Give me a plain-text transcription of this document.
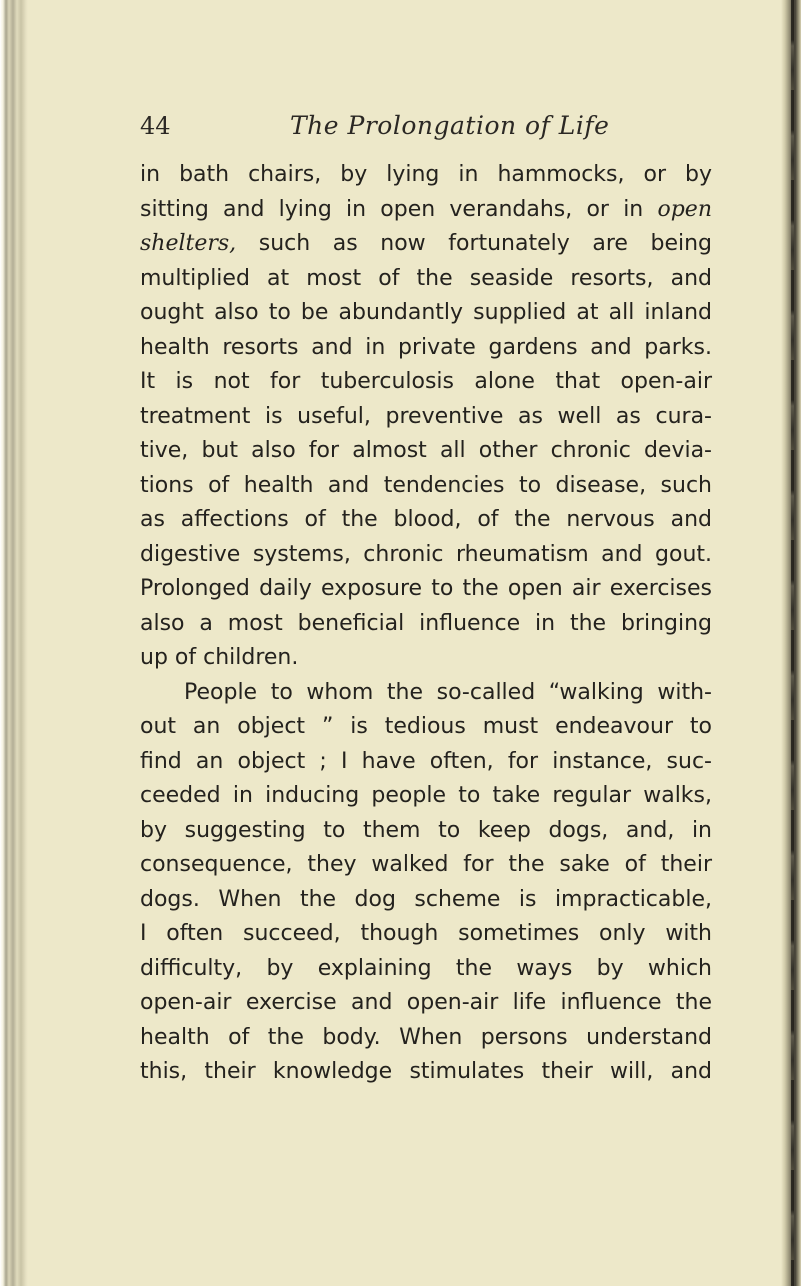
44	The Prolongation of Life
in bath chairs, by lying in hammocks, or by
sitting and lying in open verandahs, or in open
shelters, such as now fortunately are being
multiplied at most of the seaside resorts, and
ought also to be abundantly supplied at all inland
health resorts and in private gardens and parks.
It is not for tuberculosis alone that open-air
treatment is useful, preventive as well as cura-
tive, but also for almost all other chronic devia-
tions of health and tendencies to disease, such
as affections of the blood, of the nervous and
digestive systems, chronic rheumatism and gout.
Prolonged daily exposure to the open air exercises
also a most beneficial influence in the bringing
up of children.
People to whom the so-called “walking with-
out an object ” is tedious must endeavour to
find an object ; I have often, for instance, suc-
ceeded in inducing people to take regular walks,
by suggesting to them to keep dogs, and, in
consequence, they walked for the sake of their
dogs. When the dog scheme is impracticable,
I often succeed, though sometimes only with
difficulty, by explaining the ways by which
open-air exercise and open-air life influence the
health of the body. When persons understand
this, their knowledge stimulates their will, and
